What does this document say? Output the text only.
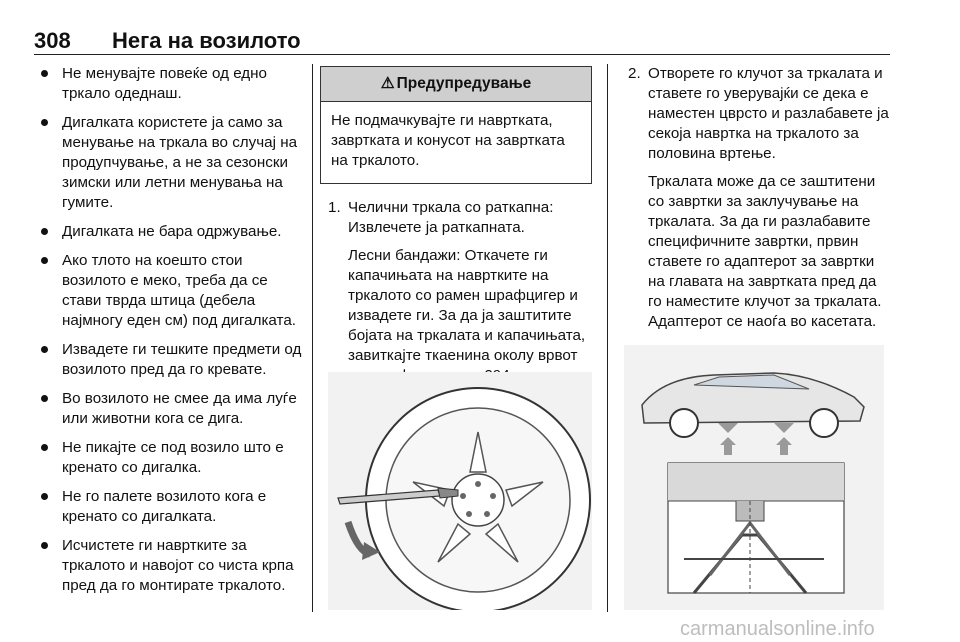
308 Нега на возилото
Не менувајте повеќе од едно тркало одеднаш.
Дигалката користете ја само за менување на тркала во случај на продупчување, а не за сезонски зимски или летни менувања на гумите.
Дигалката не бара одржување.
Ако тлото на коешто стои возилото е меко, треба да се стави тврда штица (дебела најмногу еден см) под дигалката.
Извадете ги тешките предмети од возилото пред да го кревате.
Во возилото не смее да има луѓе или животни кога се дига.
Не пикајте се под возило што е кренато со дигалка.
Не го палете возилото кога е кренато со дигалката.
Исчистете ги навртките за тркалото и навојот со чиста крпа пред да го монтирате тркалото.
⚠ Предупредување
Не подмачкувајте ги навртката, завртката и конусот на завртката на тркалото.
1. Челични тркала со раткапна: Извлечете ја раткапната.

Лесни бандажи: Откачете ги капачињата на навртките на тркалото со рамен шрафцигер и извадете ги. За да ја заштитите бојата на тркалата и капачињата, завиткајте ткаенина околу врвот

2. Отворете го клучот за тркалата и ставете го уверувајќи се дека е наместен цврсто и разлабавете ја секоја навртка на тркалото за половина вртење.

Тркалата може да се заштитени со завртки за заклучување на тркалата. За да ги разлабавите специфичните завртки, првин ставете го адаптерот за завртки на главата на завртката пред да го наместите клучот за тркалата. Адаптерот се наоѓа во касетата.

carmanualsonline.info
